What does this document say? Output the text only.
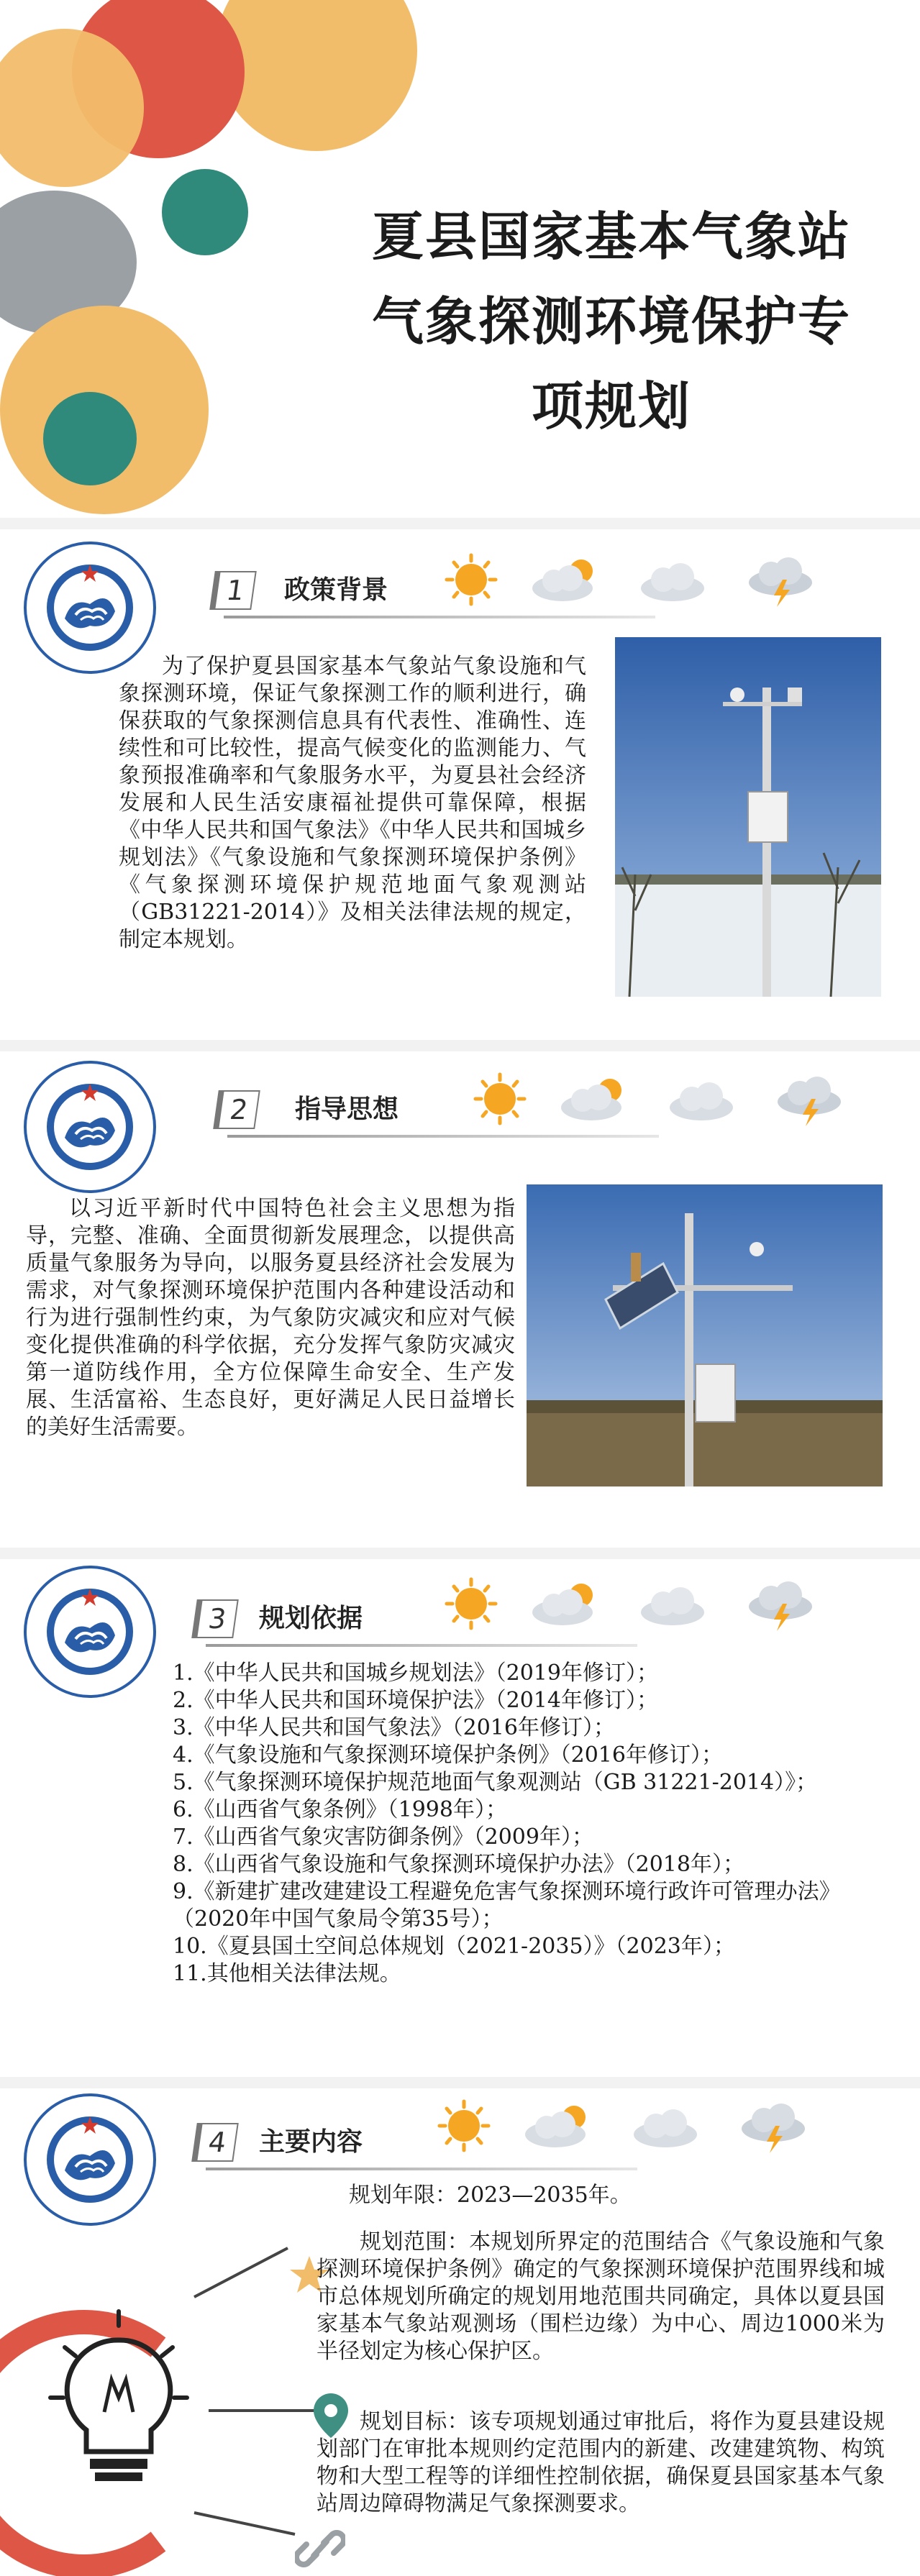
夏县国家基本气象站
气象探测环境保护专
项规划
1	政策背景

为了保护夏县国家基本气象站气象设施和气象探测环境，保证气象探测工作的顺利进行，确保获取的气象探测信息具有代表性、准确性、连续性和可比较性，提高气候变化的监测能力、气象预报准确率和气象服务水平，为夏县社会经济发展和人民生活安康福祉提供可靠保障，根据《中华人民共和国气象法》《中华人民共和国城乡规划法》《气象设施和气象探测环境保护条例》《气象探测环境保护规范地面气象观测站（GB31221-2014）》及相关法律法规的规定，制定本规划。

2	指导思想

以习近平新时代中国特色社会主义思想为指导，完整、准确、全面贯彻新发展理念，以提供高质量气象服务为导向，以服务夏县经济社会发展为需求，对气象探测环境保护范围内各种建设活动和行为进行强制性约束，为气象防灾减灾和应对气候变化提供准确的科学依据，充分发挥气象防灾减灾第一道防线作用，全方位保障生命安全、生产发展、生活富裕、生态良好，更好满足人民日益增长的美好生活需要。

3	规划依据
1.《中华人民共和国城乡规划法》（2019年修订）；
2.《中华人民共和国环境保护法》（2014年修订）；
3.《中华人民共和国气象法》（2016年修订）；
4.《气象设施和气象探测环境保护条例》（2016年修订）；
5.《气象探测环境保护规范地面气象观测站（GB 31221-2014）》；
6.《山西省气象条例》（1998年）；
7.《山西省气象灾害防御条例》（2009年）；
8.《山西省气象设施和气象探测环境保护办法》（2018年）；
9.《新建扩建改建建设工程避免危害气象探测环境行政许可管理办法》（2020年中国气象局令第35号）；
10.《夏县国土空间总体规划（2021-2035）》（2023年）；
11.其他相关法律法规。
4	主要内容
规划年限：2023—2035年。

规划范围：本规划所界定的范围结合《气象设施和气象探测环境保护条例》确定的气象探测环境保护范围界线和城市总体规划所确定的规划用地范围共同确定，具体以夏县国家基本气象站观测场（围栏边缘）为中心、周边1000米为半径划定为核心保护区。

规划目标：该专项规划通过审批后，将作为夏县建设规划部门在审批本规则约定范围内的新建、改建建筑物、构筑物和大型工程等的详细性控制依据，确保夏县国家基本气象站周边障碍物满足气象探测要求。
